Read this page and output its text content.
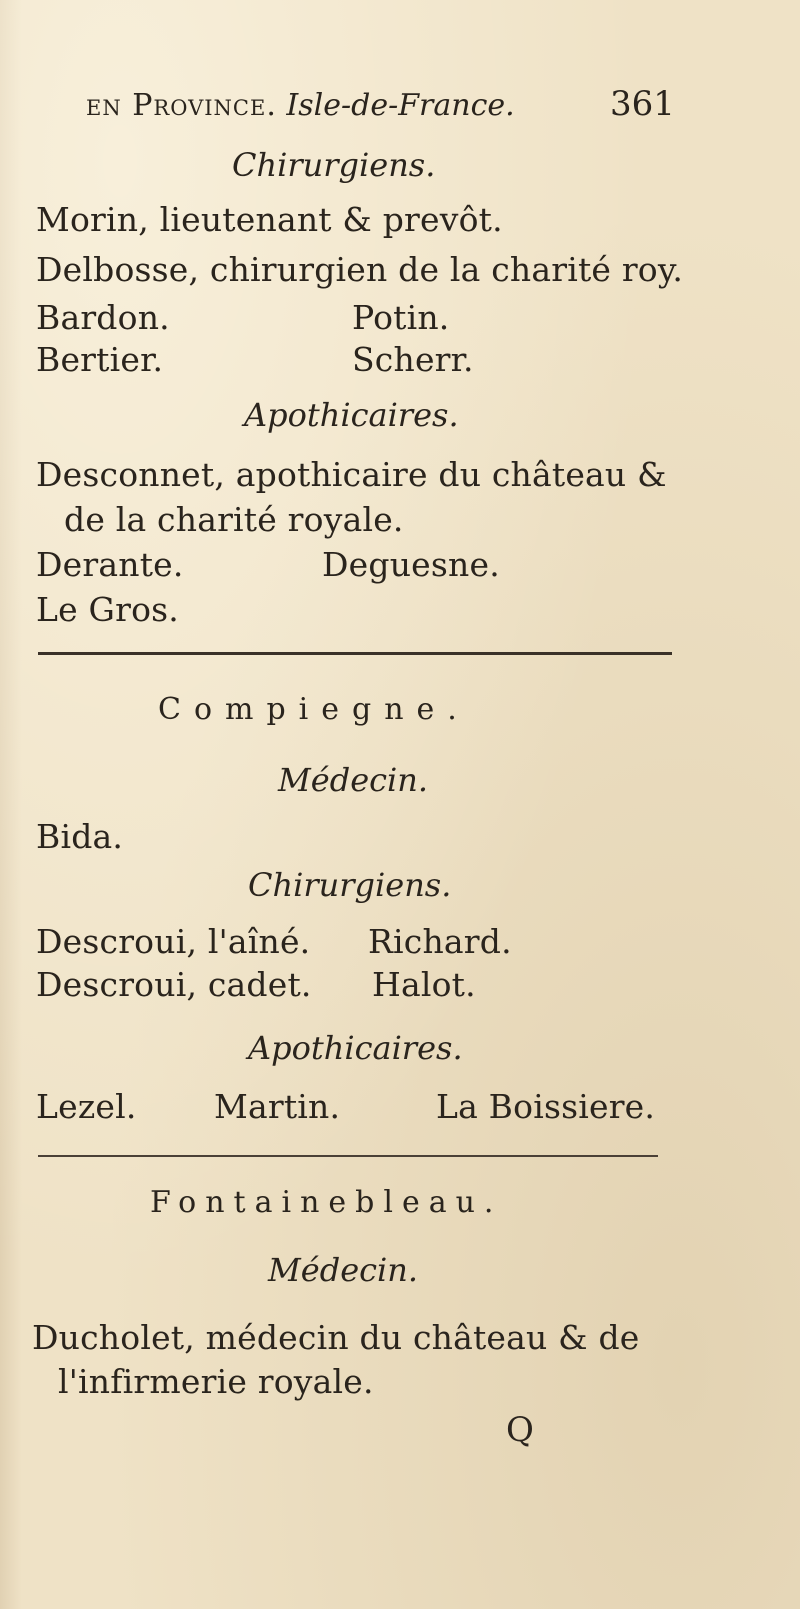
en Province. Isle-de-France.	361
Chirurgiens.
Morin, lieutenant & prevôt.
Delbosse, chirurgien de la charité roy.
Bardon.	Potin.
Bertier.	Scherr.
Apothicaires.
Desconnet, apothicaire du château &
de la charité royale.
Derante.	Deguesne.
Le Gros.
Compiegne.
Médecin.
Bida.
Chirurgiens.
Descroui, l'aîné. Richard.
Descroui, cadet. Halot.
Apothicaires.
Lezel. Martin.	La Boissiere.
Fontainebleau.
Médecin.
Ducholet, médecin du château & de
l'infirmerie royale.
Q
